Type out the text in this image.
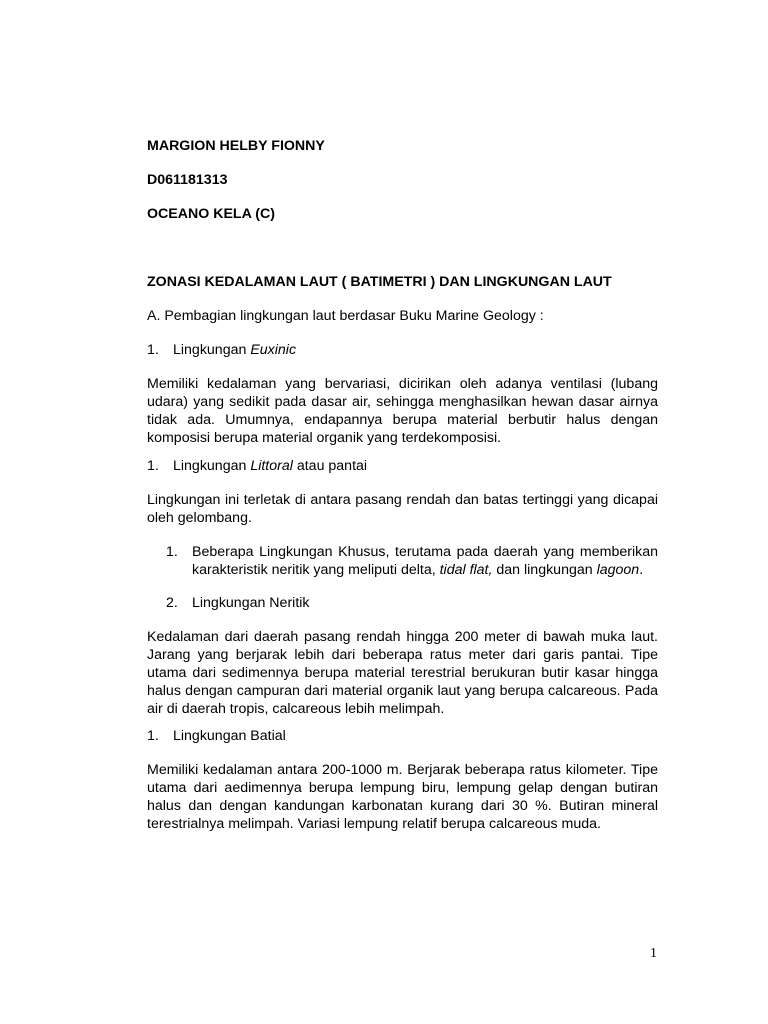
MARGION HELBY FIONNY

D061181313

OCEANO KELA (C)

ZONASI KEDALAMAN LAUT ( BATIMETRI ) DAN LINGKUNGAN LAUT

A. Pembagian lingkungan laut berdasar Buku Marine Geology :

1. Lingkungan Euxinic

Memiliki kedalaman yang bervariasi, dicirikan oleh adanya ventilasi (lubang udara) yang sedikit pada dasar air, sehingga menghasilkan hewan dasar airnya tidak ada. Umumnya, endapannya berupa material berbutir halus dengan komposisi berupa material organik yang terdekomposisi.

1. Lingkungan Littoral atau pantai

Lingkungan ini terletak di antara pasang rendah dan batas tertinggi yang dicapai oleh gelombang.

1. Beberapa Lingkungan Khusus, terutama pada daerah yang memberikan karakteristik neritik yang meliputi delta, tidal flat, dan lingkungan lagoon.
2. Lingkungan Neritik

Kedalaman dari daerah pasang rendah hingga 200 meter di bawah muka laut. Jarang yang berjarak lebih dari beberapa ratus meter dari garis pantai. Tipe utama dari sedimennya berupa material terestrial berukuran butir kasar hingga halus dengan campuran dari material organik laut yang berupa calcareous. Pada air di daerah tropis, calcareous lebih melimpah.

1. Lingkungan Batial

Memiliki kedalaman antara 200-1000 m. Berjarak beberapa ratus kilometer. Tipe utama dari aedimennya berupa lempung biru, lempung gelap dengan butiran halus dan dengan kandungan karbonatan kurang dari 30 %. Butiran mineral terestrialnya melimpah. Variasi lempung relatif berupa calcareous muda.

1
